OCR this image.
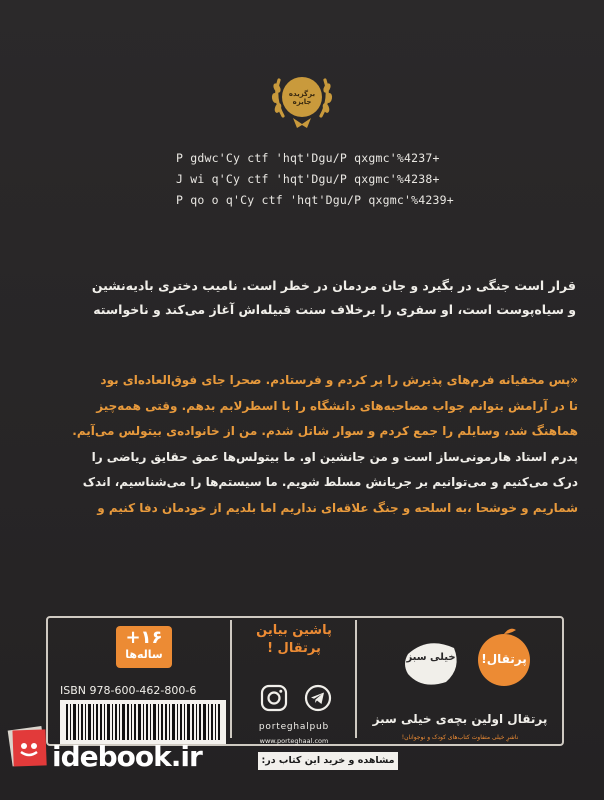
برگزیده
جایزه
P gdwc'Cy ctf 'hqt'Dgu/P qxgmc'%4237+
J wi q'Cy ctf 'hqt'Dgu/P qxgmc'%4238+
P qo o q'Cy ctf 'hqt'Dgu/P qxgmc'%4239+
قرار است جنگی در بگیرد و جان مردمان در خطر است. نامیب دختری بادیه‌نشین
و سیاه‌پوست است، او سفری را برخلاف سنت قبیله‌اش آغاز می‌کند و ناخواسته
«پس مخفیانه فرم‌های پذیرش را پر کردم و فرستادم. صحرا جای فوق‌العاده‌ای بود
تا در آرامش بتوانم جواب مصاحبه‌های دانشگاه را با اسطرلابم بدهم. وقتی همه‌چیز
هماهنگ شد، وسایلم را جمع کردم و سوار شاتل شدم. من از خانواده‌ی بیتولس می‌آیم.
پدرم استاد هارمونی‌ساز است و من جانشین او. ما بیتولس‌ها عمق حقایق ریاضی را
درک می‌کنیم و می‌توانیم بر جریانش مسلط شویم. ما سیستم‌ها را می‌شناسیم، اندک
شماریم و خوشحا ،به اسلحه و جنگ علاقه‌ای نداریم اما بلدیم از خودمان دفا کنیم و
+۱۶
ساله‌ها
ISBN 978-600-462-800-6
پاشین بیاین
پرتقال !
porteghalpub
www.porteghaal.com
پرتقال!
خیلی سبز
پرتقال اولین بچه‌ی خیلی سبز
ناشرِ خیلی متفاوت کتاب‌های کودک و نوجوانان!
idebook.ir	مشاهده و خرید این کتاب در:
